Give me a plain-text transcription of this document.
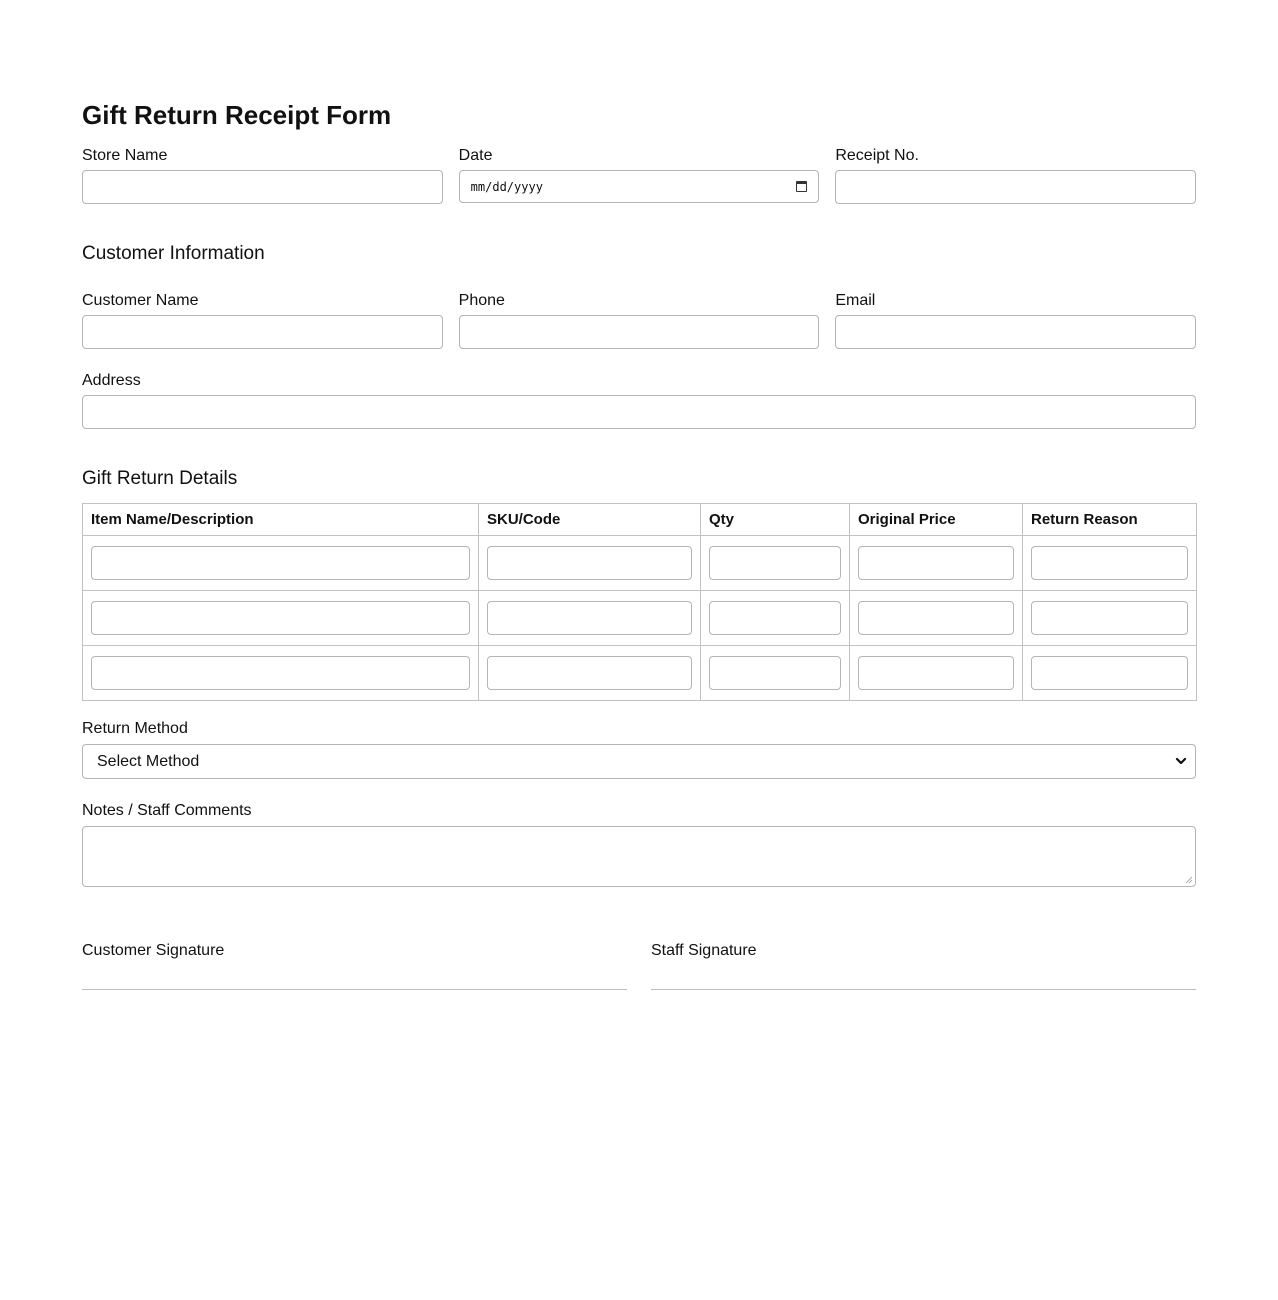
Gift Return Receipt Form
Store Name	Date
mm/dd/yyyy
Receipt No.
Customer Information
Customer Name	Phone	Email
Address
Gift Return Details
Item Name/Description	SKU/Code	Qty	Original Price	Return Reason

Return Method
Select Method
Notes / Staff Comments
Customer Signature	Staff Signature
